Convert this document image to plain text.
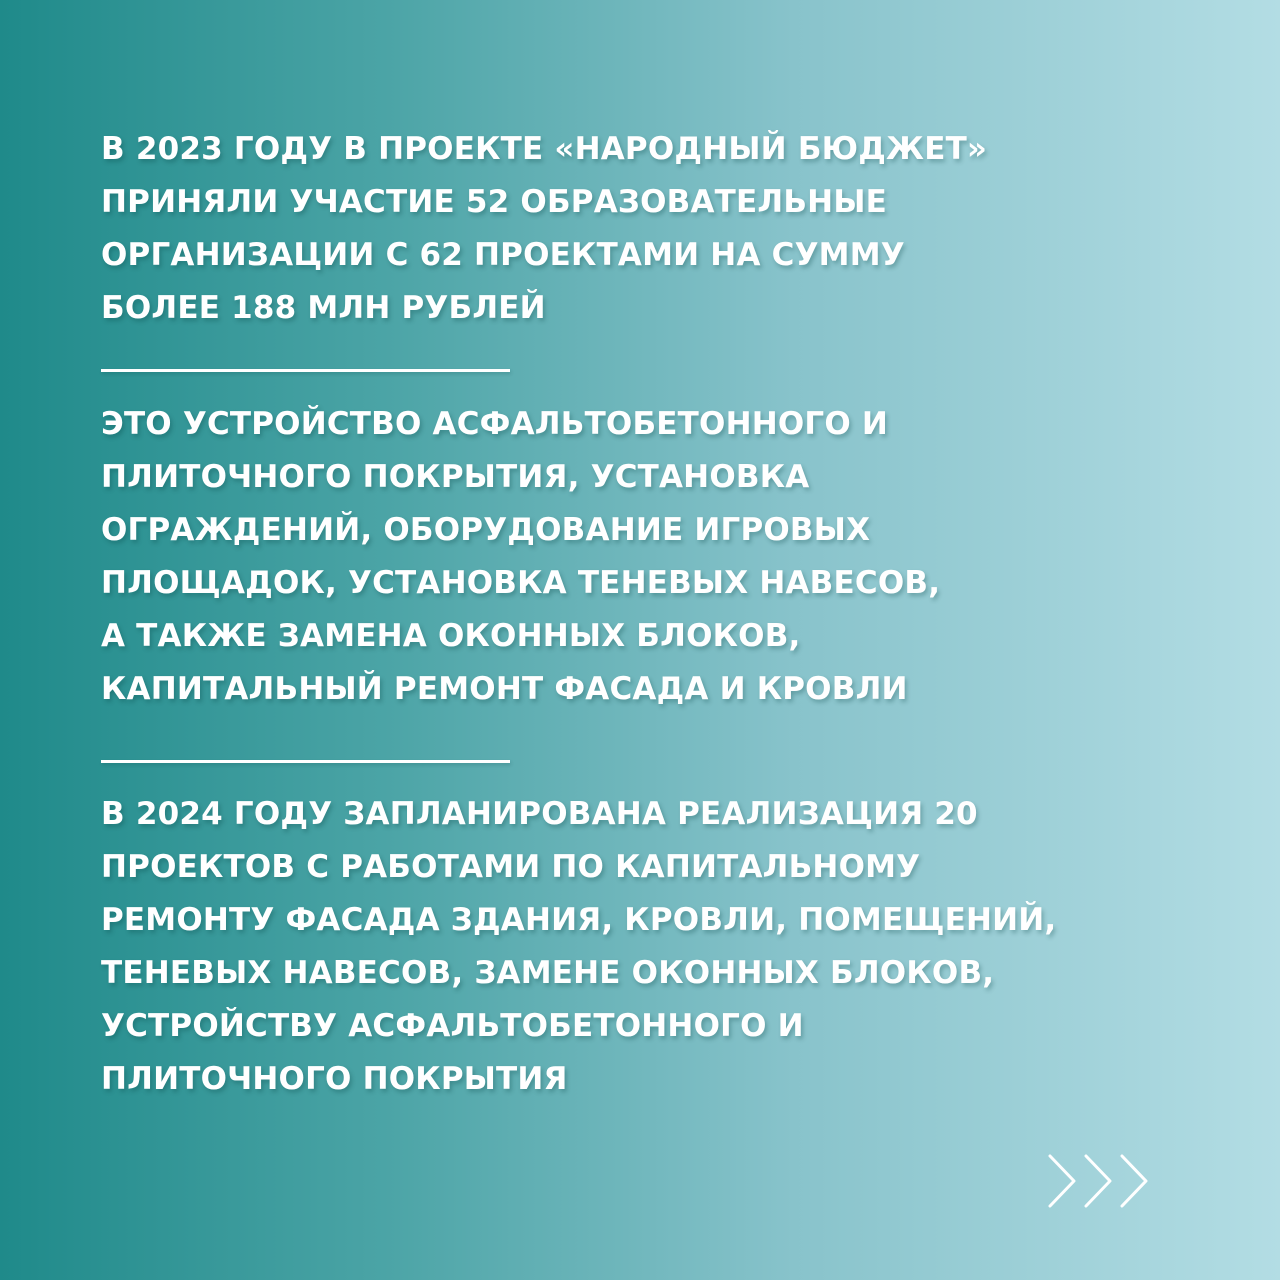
В 2023 ГОДУ В ПРОЕКТЕ «НАРОДНЫЙ БЮДЖЕТ»
ПРИНЯЛИ УЧАСТИЕ 52 ОБРАЗОВАТЕЛЬНЫЕ
ОРГАНИЗАЦИИ С 62 ПРОЕКТАМИ НА СУММУ
БОЛЕЕ 188 МЛН РУБЛЕЙ

ЭТО УСТРОЙСТВО АСФАЛЬТОБЕТОННОГО И
ПЛИТОЧНОГО ПОКРЫТИЯ, УСТАНОВКА
ОГРАЖДЕНИЙ, ОБОРУДОВАНИЕ ИГРОВЫХ
ПЛОЩАДОК, УСТАНОВКА ТЕНЕВЫХ НАВЕСОВ,
А ТАКЖЕ ЗАМЕНА ОКОННЫХ БЛОКОВ,
КАПИТАЛЬНЫЙ РЕМОНТ ФАСАДА И КРОВЛИ

В 2024 ГОДУ ЗАПЛАНИРОВАНА РЕАЛИЗАЦИЯ 20
ПРОЕКТОВ С РАБОТАМИ ПО КАПИТАЛЬНОМУ
РЕМОНТУ ФАСАДА ЗДАНИЯ, КРОВЛИ, ПОМЕЩЕНИЙ,
ТЕНЕВЫХ НАВЕСОВ, ЗАМЕНЕ ОКОННЫХ БЛОКОВ,
УСТРОЙСТВУ АСФАЛЬТОБЕТОННОГО И
ПЛИТОЧНОГО ПОКРЫТИЯ
